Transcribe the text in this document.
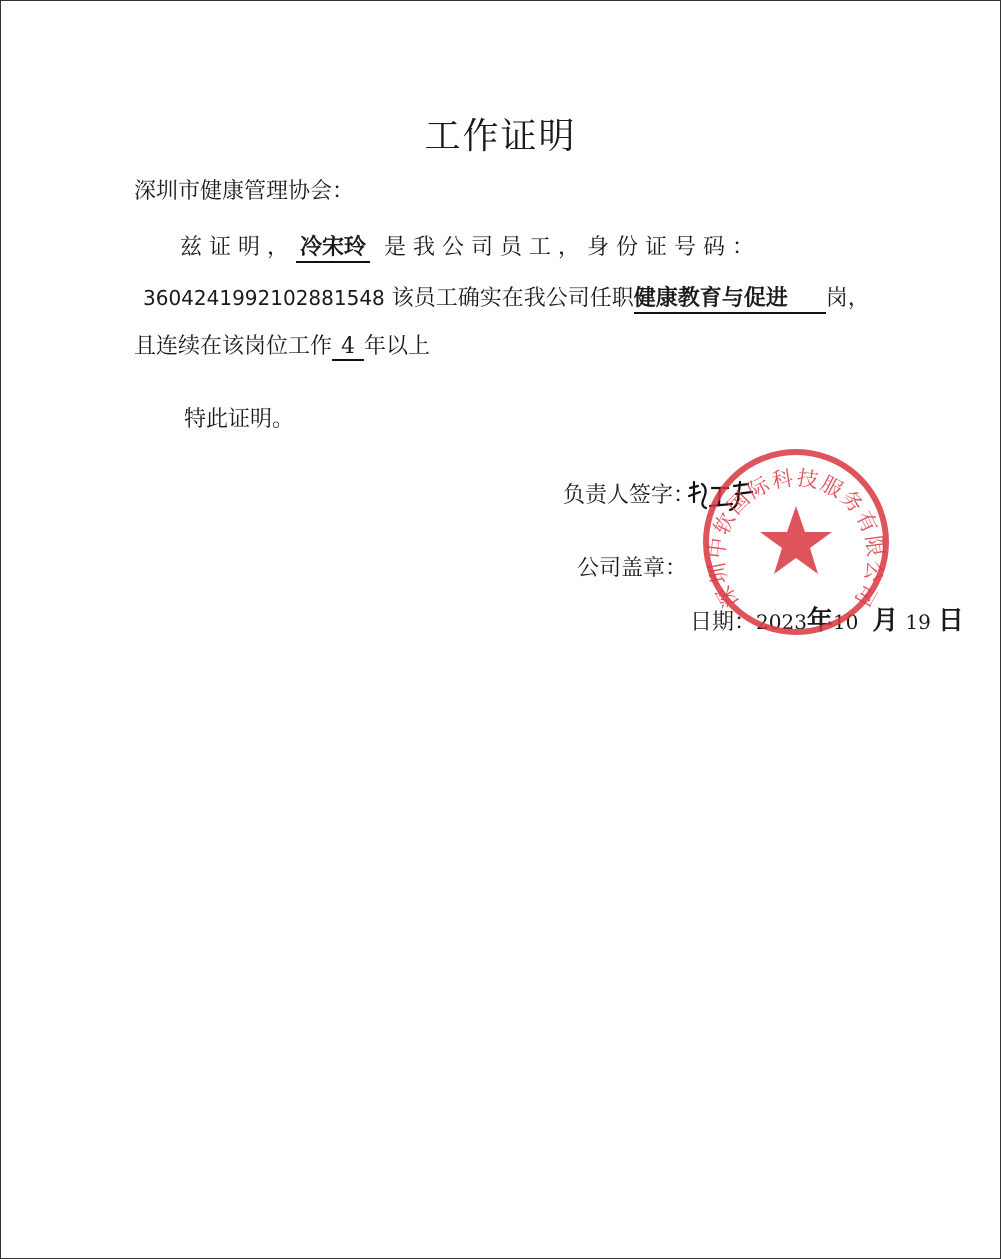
工作证明
深圳市健康管理协会：
兹证明， 冷宋玲 是我公司员工，身份证号码：
360424199210288​1548 该员工确实在我公司任职健康教育与促进 岗，
且连续在该岗位工作 4 年以上
特此证明。
负责人签字：
公司盖章：
日期：2023年10 月 19 日
深圳中软国际科技服务有限公司
